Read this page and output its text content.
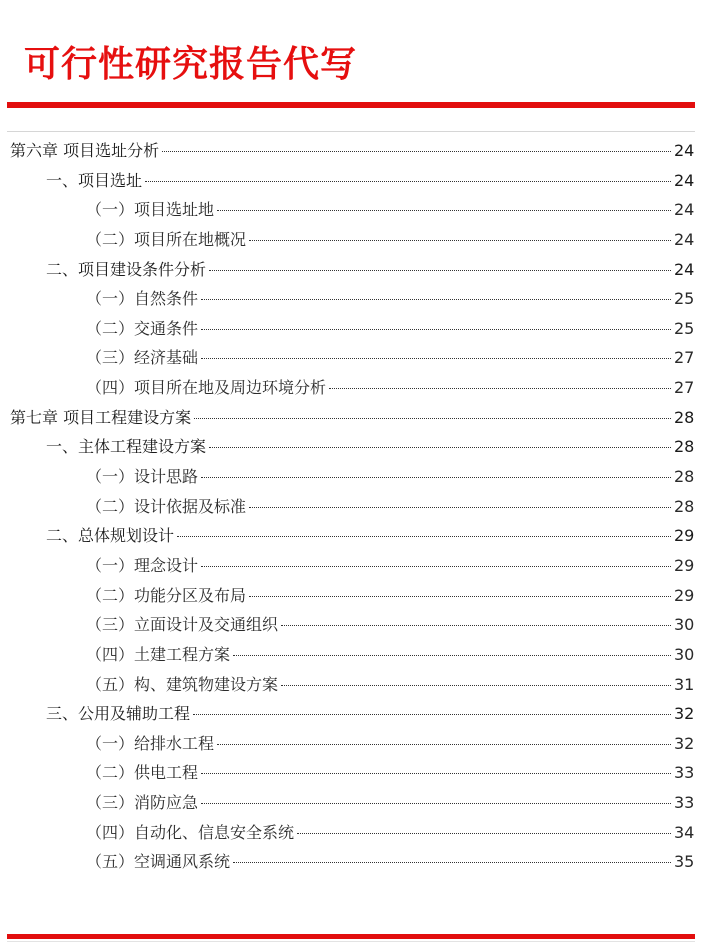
可行性研究报告代写
第六章 项目选址分析	24
一、项目选址	24
（一）项目选址地	24
（二）项目所在地概况	24
二、项目建设条件分析	24
（一）自然条件	25
（二）交通条件	25
（三）经济基础	27
（四）项目所在地及周边环境分析	27
第七章 项目工程建设方案	28
一、主体工程建设方案	28
（一）设计思路	28
（二）设计依据及标准	28
二、总体规划设计	29
（一）理念设计	29
（二）功能分区及布局	29
（三）立面设计及交通组织	30
（四）土建工程方案	30
（五）构、建筑物建设方案	31
三、公用及辅助工程	32
（一）给排水工程	32
（二）供电工程	33
（三）消防应急	33
（四）自动化、信息安全系统	34
（五）空调通风系统	35
